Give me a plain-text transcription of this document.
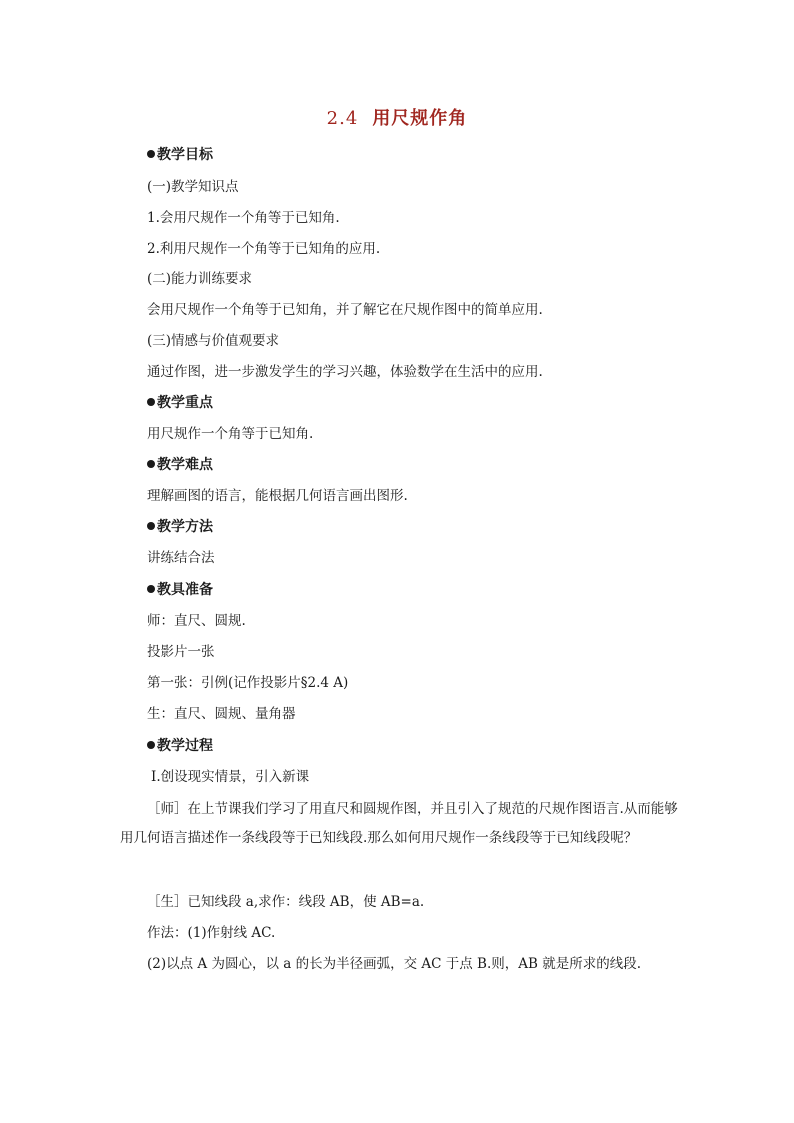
2.4 用尺规作角
教学目标
(一)教学知识点
1.会用尺规作一个角等于已知角.
2.利用尺规作一个角等于已知角的应用.
(二)能力训练要求
会用尺规作一个角等于已知角，并了解它在尺规作图中的简单应用.
(三)情感与价值观要求
通过作图，进一步激发学生的学习兴趣，体验数学在生活中的应用.
教学重点
用尺规作一个角等于已知角.
教学难点
理解画图的语言，能根据几何语言画出图形.
教学方法
讲练结合法
教具准备
师：直尺、圆规.
投影片一张
第一张：引例(记作投影片§2.4 A)
生：直尺、圆规、量角器
教学过程
Ⅰ.创设现实情景，引入新课
［师］在上节课我们学习了用直尺和圆规作图，并且引入了规范的尺规作图语言.从而能够用几何语言描述作一条线段等于已知线段.那么如何用尺规作一条线段等于已知线段呢？
［生］已知线段 a,求作：线段 AB，使 AB=a.
作法：(1)作射线 AC.
(2)以点 A 为圆心，以 a 的长为半径画弧，交 AC 于点 B.则，AB 就是所求的线段.
